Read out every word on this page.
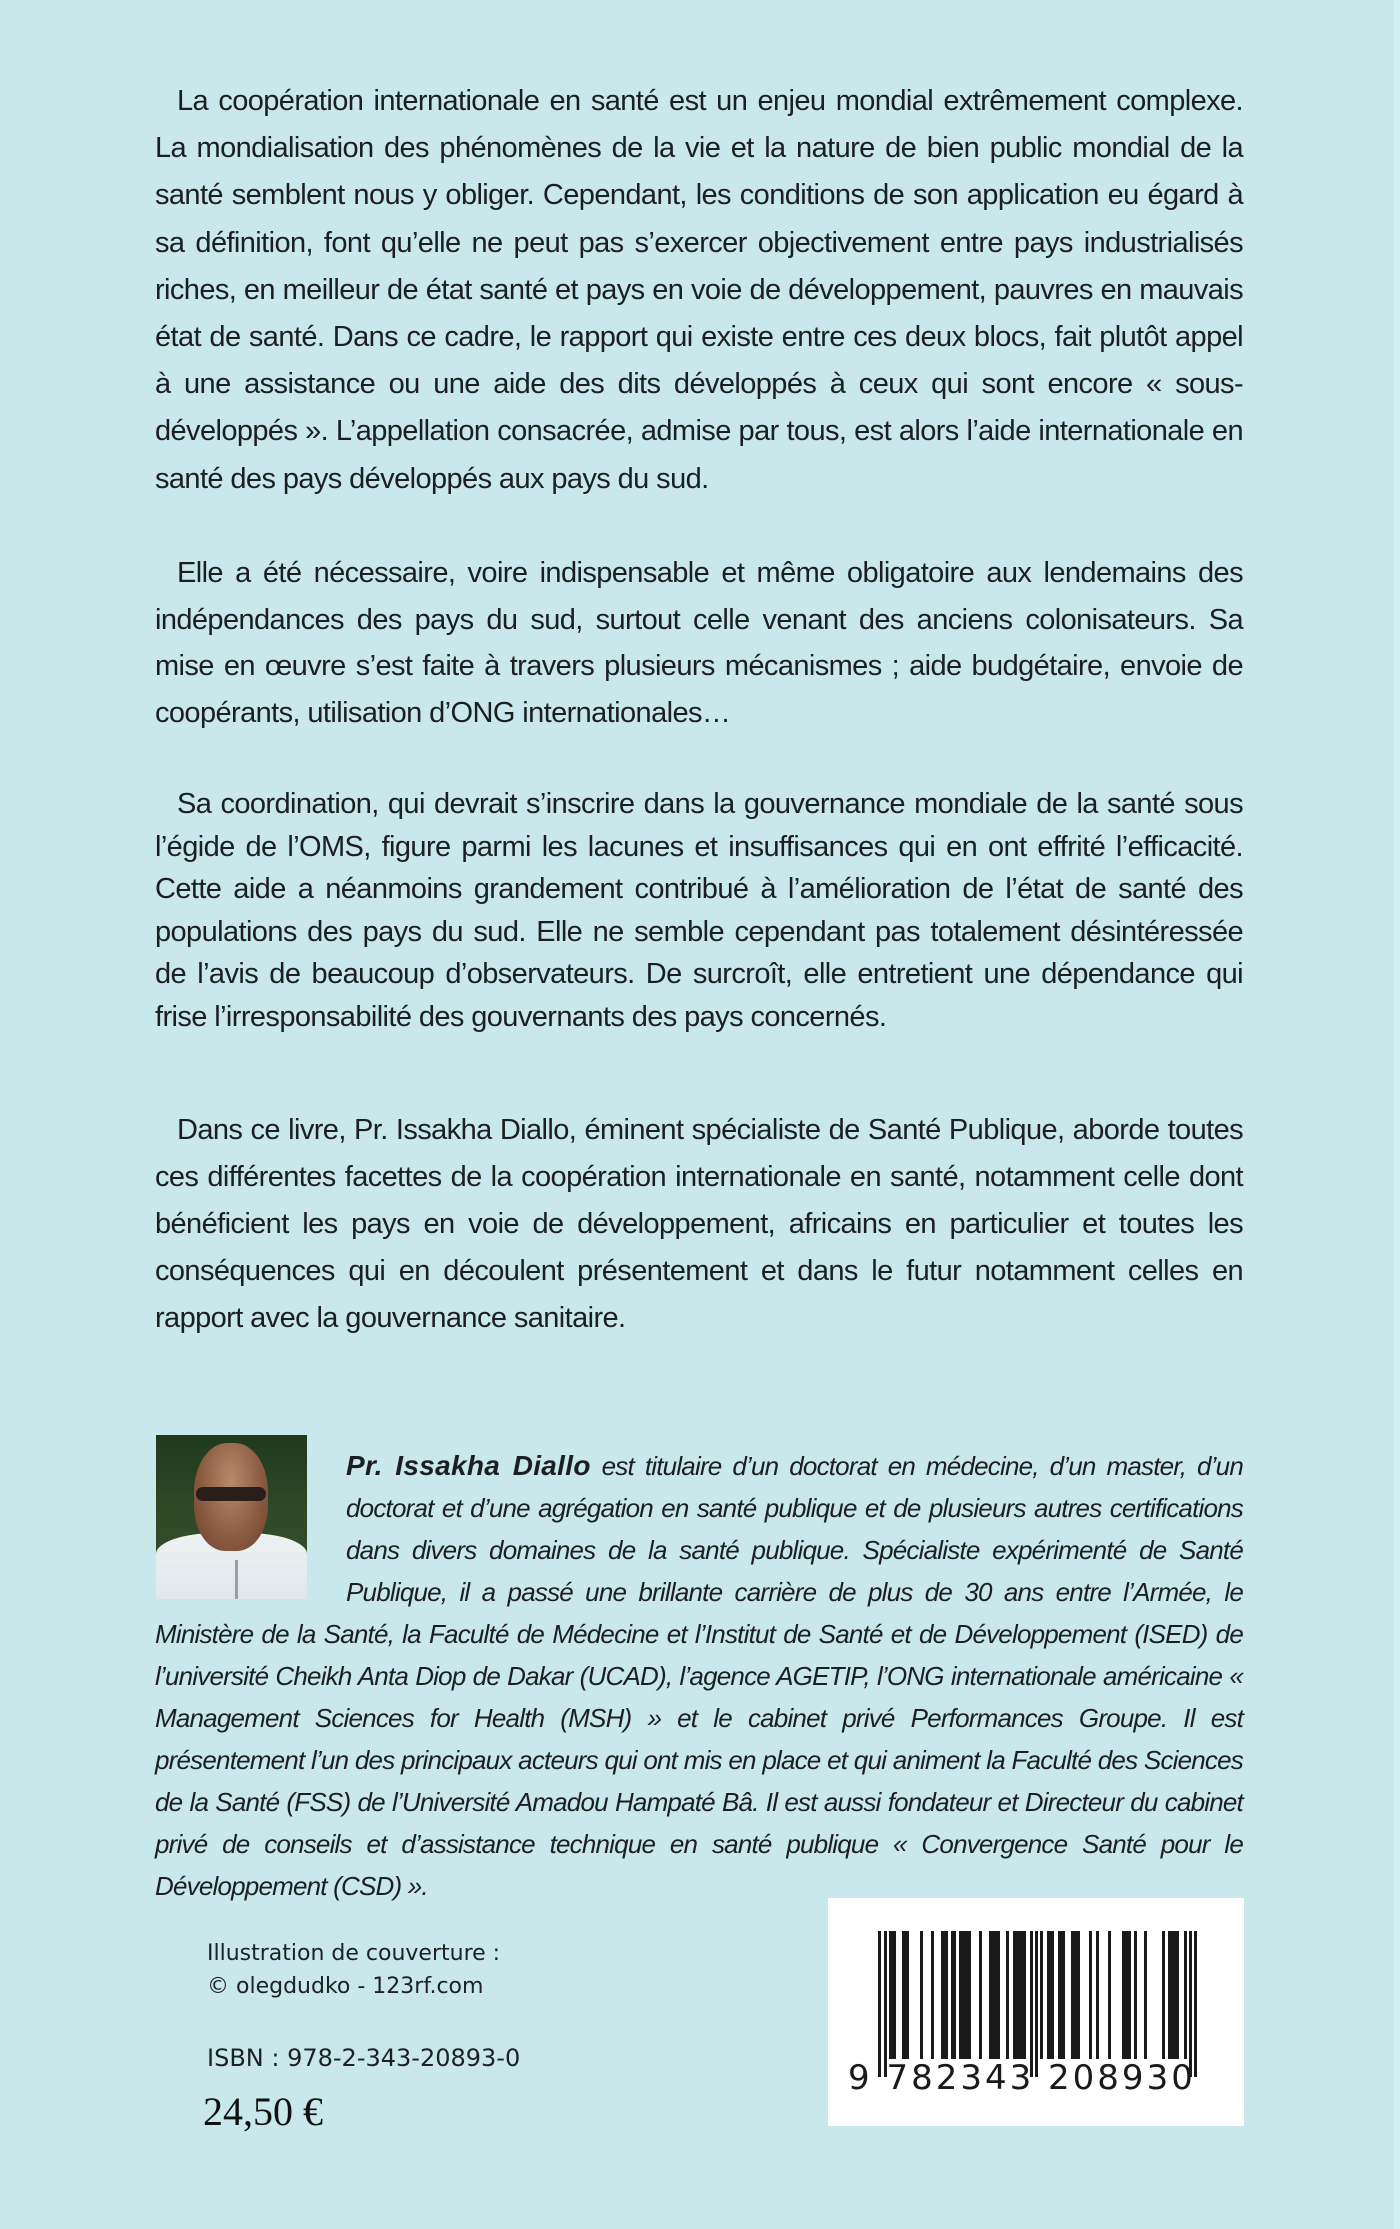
La coopération internationale en santé est un enjeu mondial extrêmement complexe. La mondialisation des phénomènes de la vie et la nature de bien public mondial de la santé semblent nous y obliger. Cependant, les conditions de son application eu égard à sa définition, font qu’elle ne peut pas s’exercer objectivement entre pays industrialisés riches, en meilleur de état santé et pays en voie de développement, pauvres en mauvais état de santé. Dans ce cadre, le rapport qui existe entre ces deux blocs, fait plutôt appel à une assistance ou une aide des dits développés à ceux qui sont encore « sous-développés ». L’appellation consacrée, admise par tous, est alors l’aide internationale en santé des pays développés aux pays du sud.

Elle a été nécessaire, voire indispensable et même obligatoire aux lendemains des indépendances des pays du sud, surtout celle venant des anciens colonisateurs. Sa mise en œuvre s’est faite à travers plusieurs mécanismes ; aide budgétaire, envoie de coopérants, utilisation d’ONG internationales…

Sa coordination, qui devrait s’inscrire dans la gouvernance mondiale de la santé sous l’égide de l’OMS, figure parmi les lacunes et insuffisances qui en ont effrité l’efficacité. Cette aide a néanmoins grandement contribué à l’amélioration de l’état de santé des populations des pays du sud. Elle ne semble cependant pas totalement désintéressée de l’avis de beaucoup d’observateurs. De surcroît, elle entretient une dépendance qui frise l’irresponsabilité des gouvernants des pays concernés.

Dans ce livre, Pr. Issakha Diallo, éminent spécialiste de Santé Publique, aborde toutes ces différentes facettes de la coopération internationale en santé, notamment celle dont bénéficient les pays en voie de développement, africains en particulier et toutes les conséquences qui en découlent présentement et dans le futur notamment celles en rapport avec la gouvernance sanitaire.

Pr. Issakha Diallo est titulaire d’un doctorat en médecine, d’un master, d’un doctorat et d’une agrégation en santé publique et de plusieurs autres certifications dans divers domaines de la santé publique. Spécialiste expérimenté de Santé Publique, il a passé une brillante carrière de plus de 30 ans entre l’Armée, le Ministère de la Santé, la Faculté de Médecine et l’Institut de Santé et de Développement (ISED) de l’université Cheikh Anta Diop de Dakar (UCAD), l’agence AGETIP, l’ONG internationale américaine « Management Sciences for Health (MSH) » et le cabinet privé Performances Groupe. Il est présentement l’un des principaux acteurs qui ont mis en place et qui animent la Faculté des Sciences de la Santé (FSS) de l’Université Amadou Hampaté Bâ. Il est aussi fondateur et Directeur du cabinet privé de conseils et d’assistance technique en santé publique « Convergence Santé pour le Développement (CSD) ».

Illustration de couverture :
© olegdudko - 123rf.com
ISBN : 978-2-343-20893-0
24,50 €
9 782343 208930
